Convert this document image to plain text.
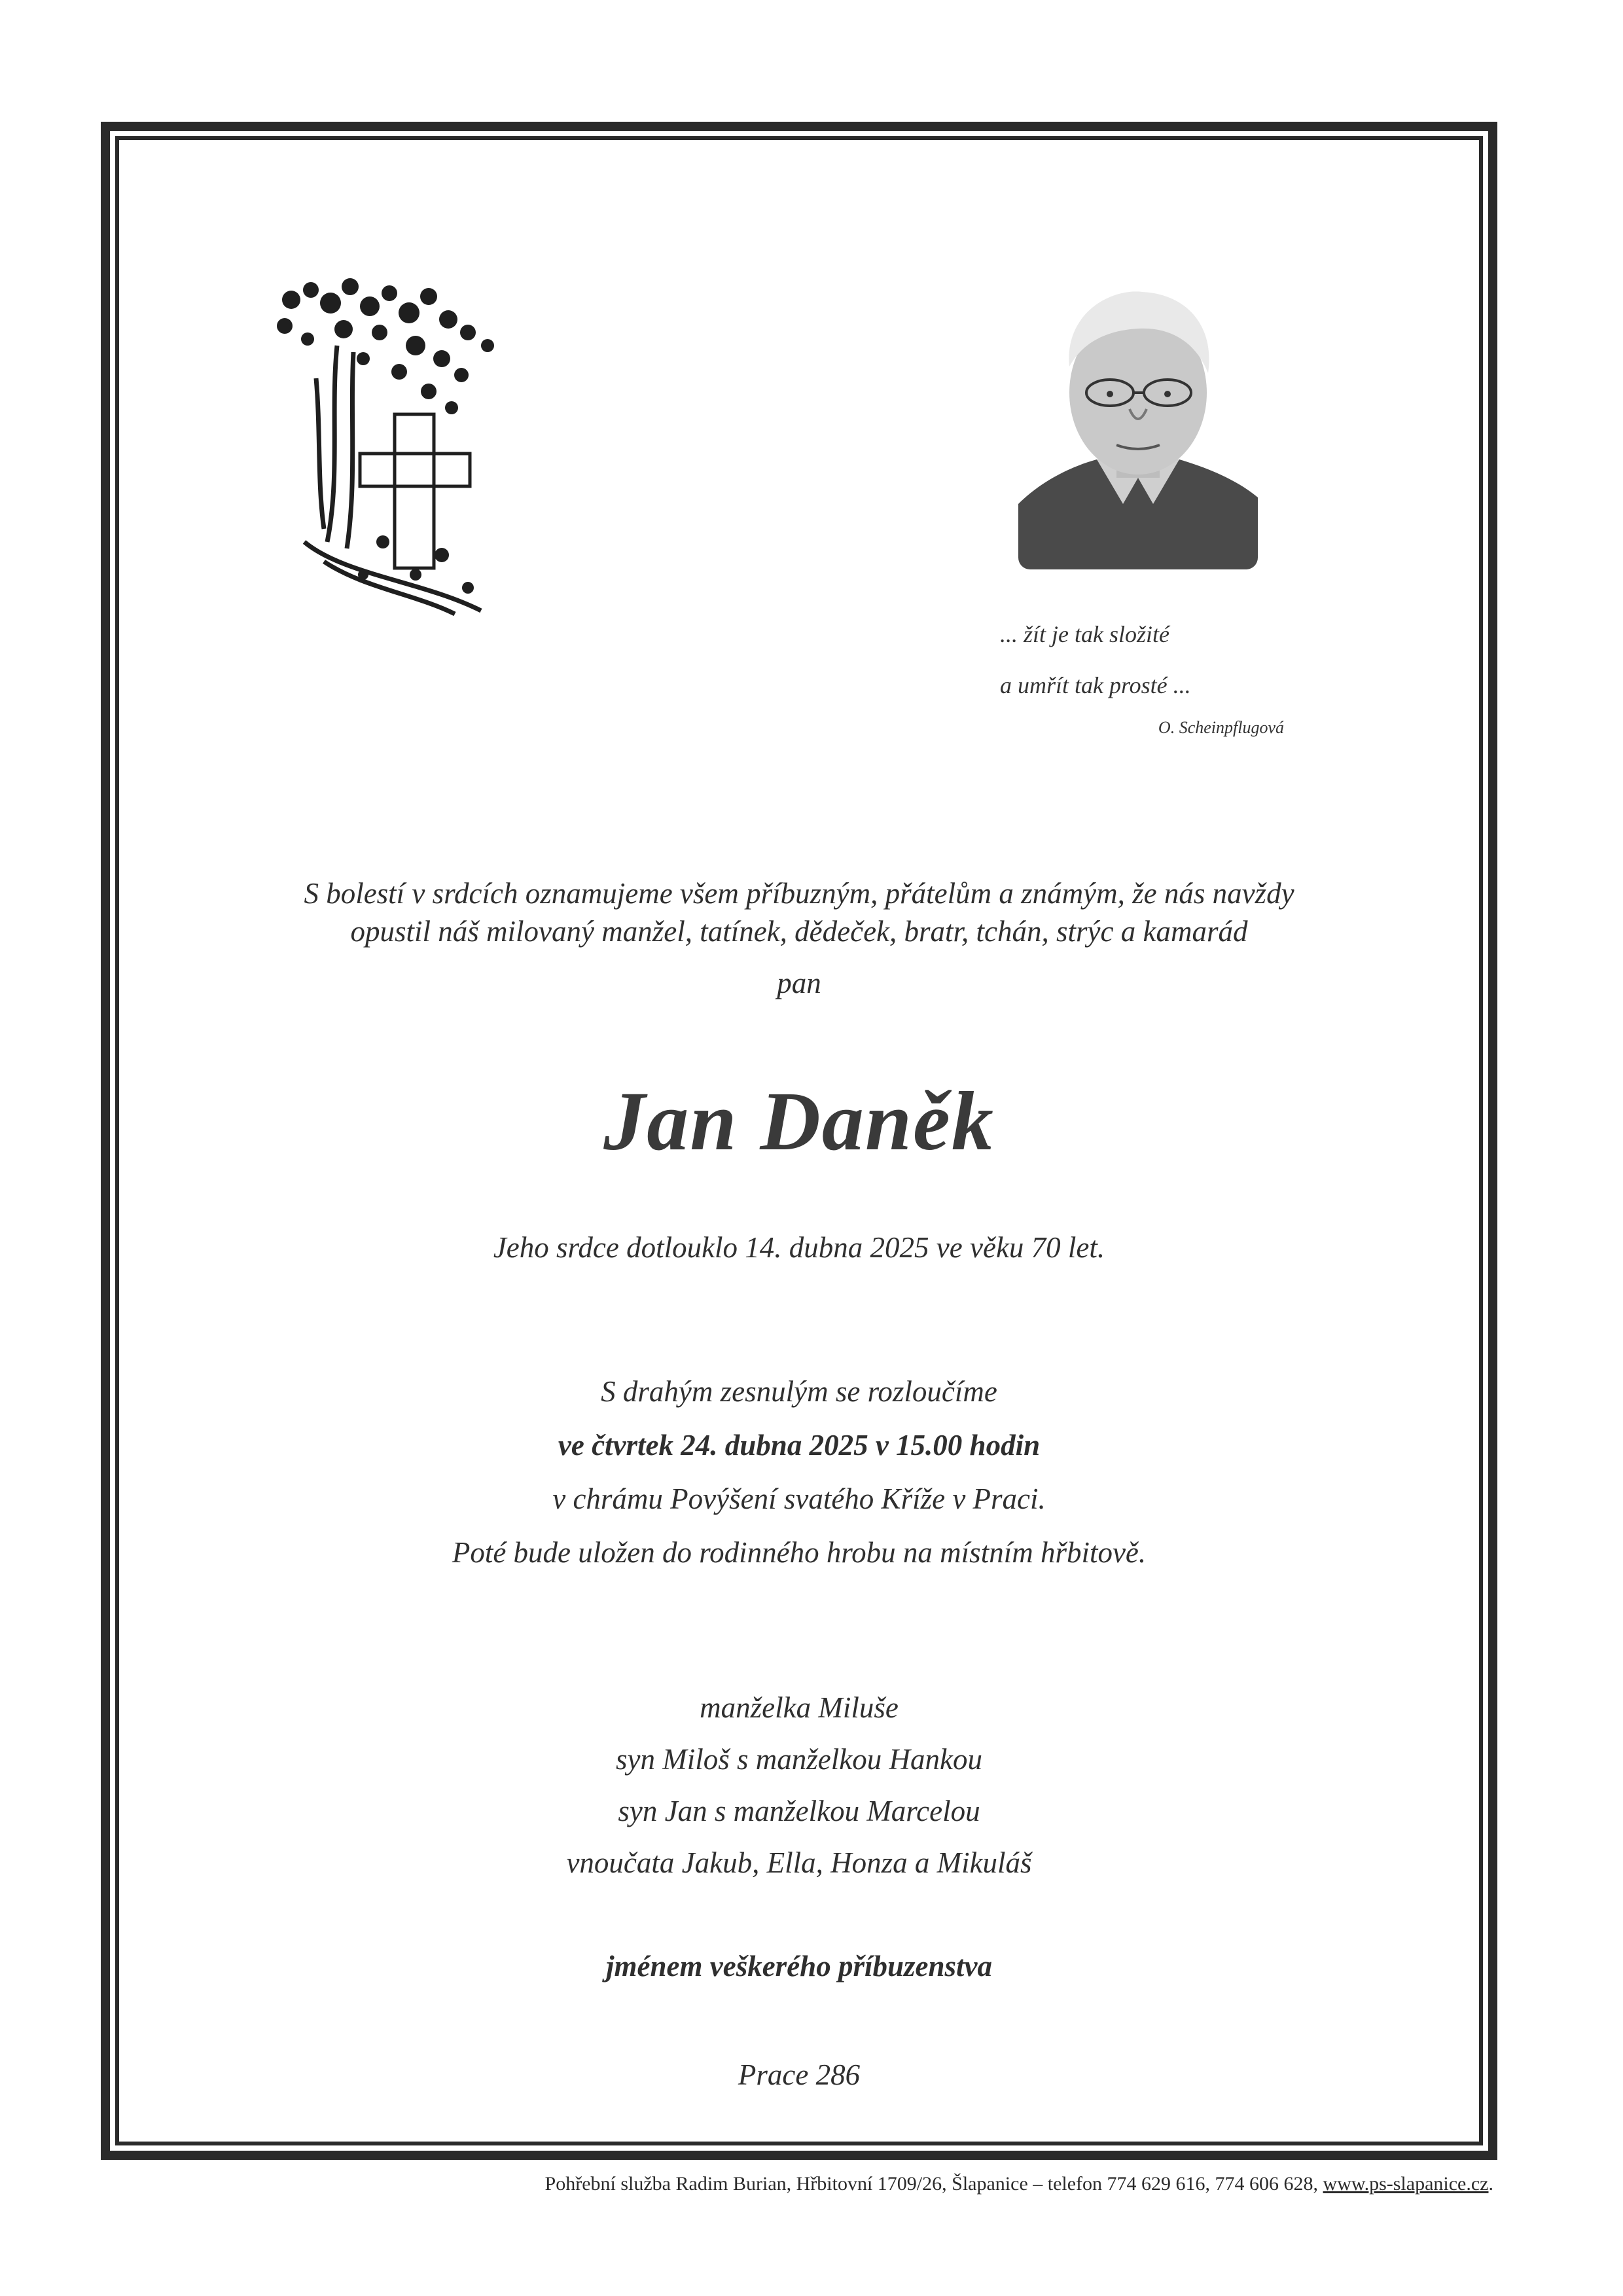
... žít je tak složité
a umřít tak prosté ...
O. Scheinpflugová
S bolestí v srdcích oznamujeme všem příbuzným, přátelům a známým, že nás navždy
opustil náš milovaný manžel, tatínek, dědeček, bratr, tchán, strýc a kamarád
pan
Jan Daněk
Jeho srdce dotlouklo 14. dubna 2025 ve věku 70 let.
S drahým zesnulým se rozloučíme
ve čtvrtek 24. dubna 2025 v 15.00 hodin
v chrámu Povýšení svatého Kříže v Praci.
Poté bude uložen do rodinného hrobu na místním hřbitově.
manželka Miluše
syn Miloš s manželkou Hankou
syn Jan s manželkou Marcelou
vnoučata Jakub, Ella, Honza a Mikuláš
jménem veškerého příbuzenstva
Prace 286
Pohřební služba Radim Burian, Hřbitovní 1709/26, Šlapanice – telefon 774 629 616, 774 606 628, www.ps-slapanice.cz.
